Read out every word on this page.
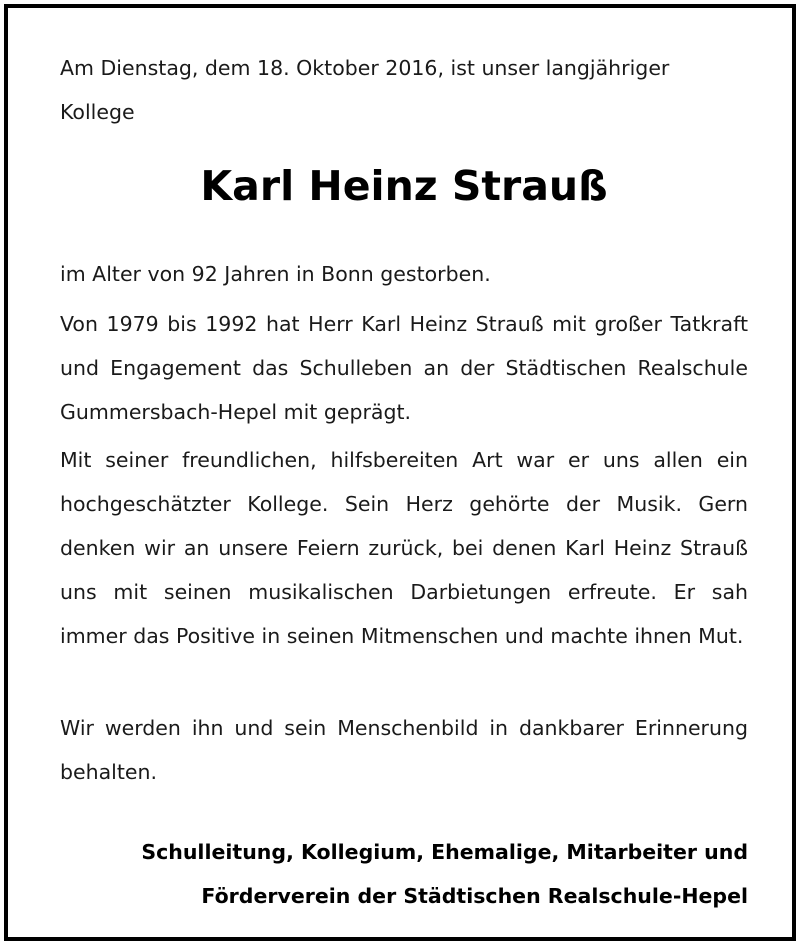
Am Dienstag, dem 18. Oktober 2016, ist unser langjähriger Kollege

Karl Heinz Strauß

im Alter von 92 Jahren in Bonn gestorben.

Von 1979 bis 1992 hat Herr Karl Heinz Strauß mit großer Tatkraft und Engagement das Schulleben an der Städtischen Realschule Gummersbach-Hepel mit geprägt.

Mit seiner freundlichen, hilfsbereiten Art war er uns allen ein hochgeschätzter Kollege. Sein Herz gehörte der Musik. Gern denken wir an unsere Feiern zurück, bei denen Karl Heinz Strauß uns mit seinen musikalischen Darbietungen erfreute. Er sah immer das Positive in seinen Mitmenschen und machte ihnen Mut.

Wir werden ihn und sein Menschenbild in dankbarer Erinnerung behalten.

Schulleitung, Kollegium, Ehemalige, Mitarbeiter und
Förderverein der Städtischen Realschule-Hepel
